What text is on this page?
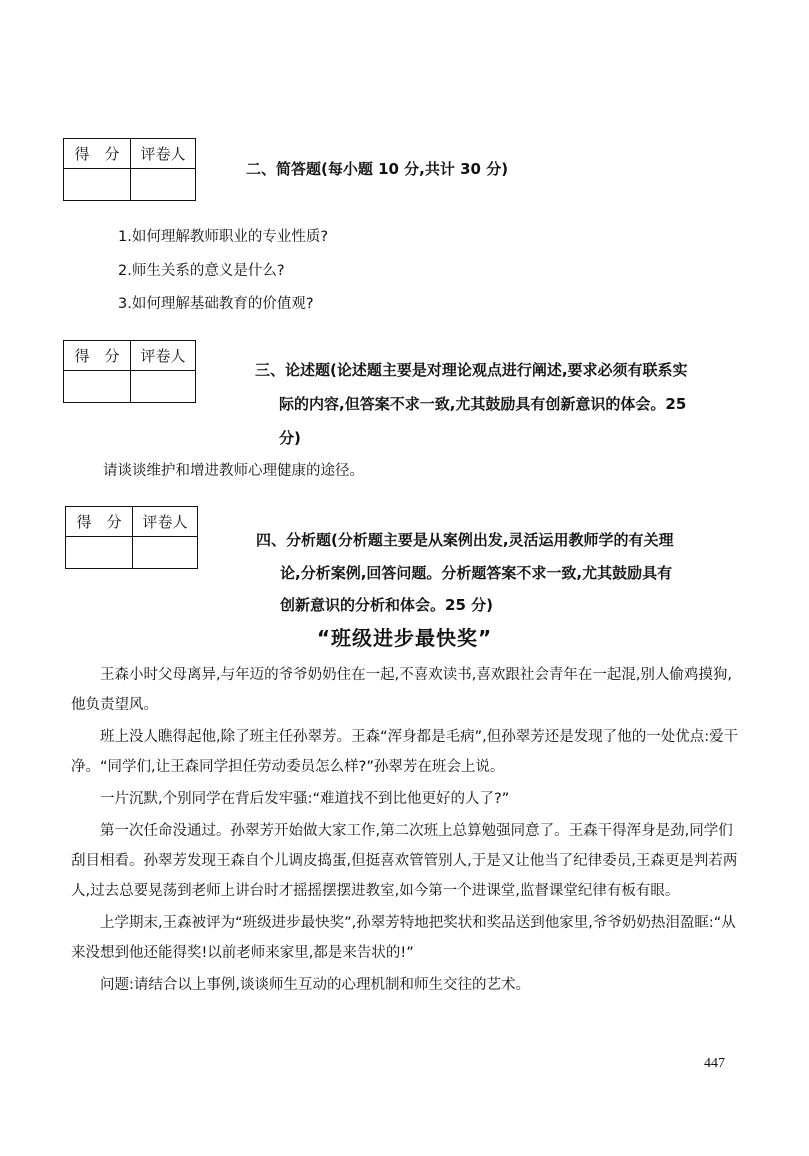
得　分	评卷人

二、简答题(每小题 10 分,共计 30 分)
1.如何理解教师职业的专业性质?
2.师生关系的意义是什么?
3.如何理解基础教育的价值观?
得　分	评卷人

三、论述题(论述题主要是对理论观点进行阐述,要求必须有联系实
际的内容,但答案不求一致,尤其鼓励具有创新意识的体会。25
分)
请谈谈维护和增进教师心理健康的途径。
得　分	评卷人

四、分析题(分析题主要是从案例出发,灵活运用教师学的有关理
论,分析案例,回答问题。分析题答案不求一致,尤其鼓励具有
创新意识的分析和体会。25 分)
“班级进步最快奖”

王森小时父母离异,与年迈的爷爷奶奶住在一起,不喜欢读书,喜欢跟社会青年在一起混,别人偷鸡摸狗,他负责望风。

班上没人瞧得起他,除了班主任孙翠芳。王森“浑身都是毛病”,但孙翠芳还是发现了他的一处优点:爱干净。“同学们,让王森同学担任劳动委员怎么样?”孙翠芳在班会上说。

一片沉默,个别同学在背后发牢骚:“难道找不到比他更好的人了?”

第一次任命没通过。孙翠芳开始做大家工作,第二次班上总算勉强同意了。王森干得浑身是劲,同学们刮目相看。孙翠芳发现王森自个儿调皮捣蛋,但挺喜欢管管别人,于是又让他当了纪律委员,王森更是判若两人,过去总要晃荡到老师上讲台时才摇摇摆摆进教室,如今第一个进课堂,监督课堂纪律有板有眼。

上学期末,王森被评为“班级进步最快奖”,孙翠芳特地把奖状和奖品送到他家里,爷爷奶奶热泪盈眶:“从来没想到他还能得奖!以前老师来家里,都是来告状的!”

问题:请结合以上事例,谈谈师生互动的心理机制和师生交往的艺术。

447
